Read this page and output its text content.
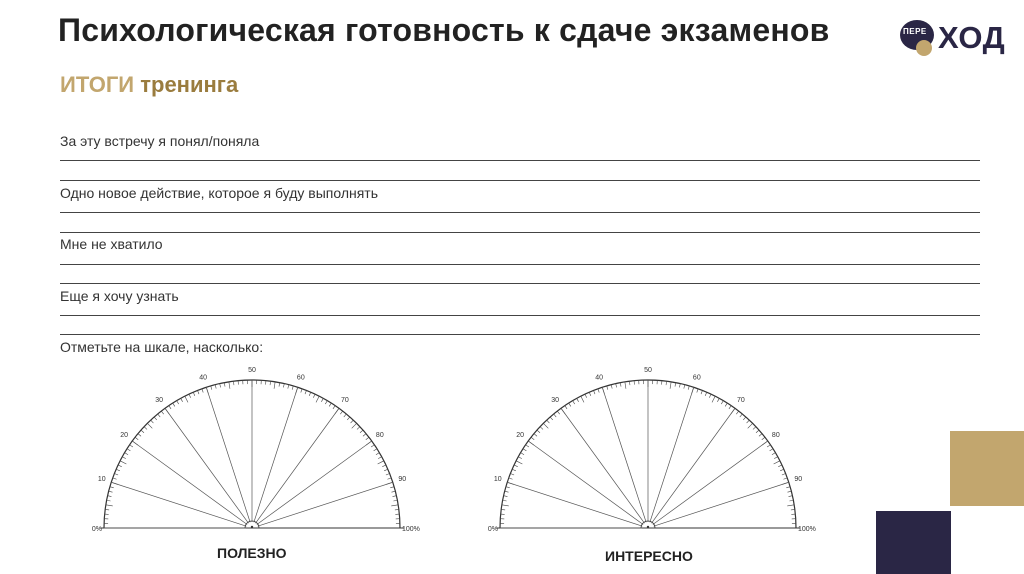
Психологическая готовность к сдаче экзаменов
ИТОГИ тренинга
ПЕРЕ ХОД
За эту встречу я понял/поняла
Одно новое действие, которое я буду выполнять
Мне не хватило
Еще я хочу узнать
Отметьте на шкале, насколько:
10
20
30
40
50
60
70
80
90
0%	100%
10
20
30
40
50
60
70
80
90
0%	100%
ПОЛЕЗНО	ИНТЕРЕСНО
